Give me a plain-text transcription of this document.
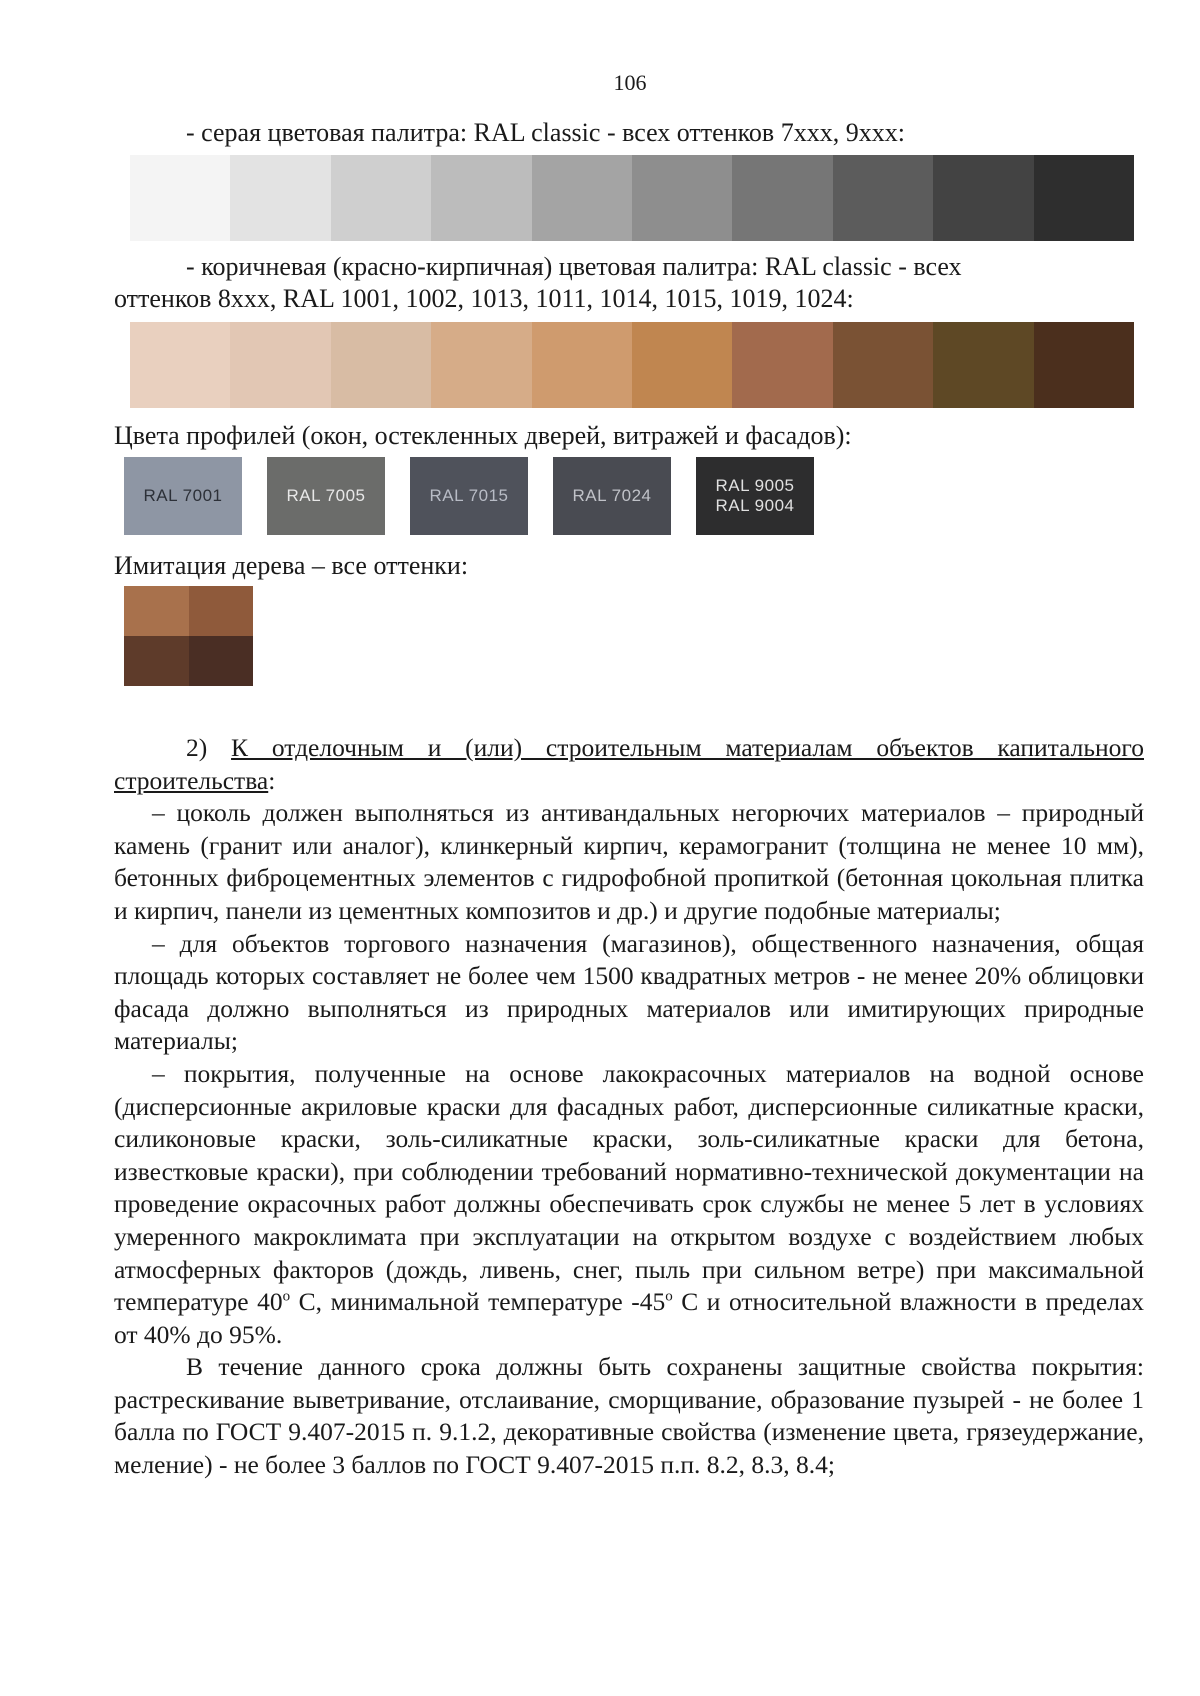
106
- серая цветовая палитра: RAL classic - всех оттенков 7ххх, 9ххх:
- коричневая (красно-кирпичная) цветовая палитра: RAL classic - всех
оттенков 8ххх, RAL 1001, 1002, 1013, 1011, 1014, 1015, 1019, 1024:
Цвета профилей (окон, остекленных дверей, витражей и фасадов):
RAL 7001	RAL 7005	RAL 7015	RAL 7024
RAL 9005
RAL 9004
Имитация дерева – все оттенки:

2) К отделочным и (или) строительным материалам объектов капитального строительства:

– цоколь должен выполняться из антивандальных негорючих материалов – природный камень (гранит или аналог), клинкерный кирпич, керамогранит (толщина не менее 10 мм), бетонных фиброцементных элементов с гидрофобной пропиткой (бетонная цокольная плитка и кирпич, панели из цементных композитов и др.) и другие подобные материалы;

– для объектов торгового назначения (магазинов), общественного назначения, общая площадь которых составляет не более чем 1500 квадратных метров - не менее 20% облицовки фасада должно выполняться из природных материалов или имитирующих природные материалы;

– покрытия, полученные на основе лакокрасочных материалов на водной основе (дисперсионные акриловые краски для фасадных работ, дисперсионные силикатные краски, силиконовые краски, золь-силикатные краски, золь-силикатные краски для бетона, известковые краски), при соблюдении требований нормативно-технической документации на проведение окрасочных работ должны обеспечивать срок службы не менее 5 лет в условиях умеренного макроклимата при эксплуатации на открытом воздухе с воздействием любых атмосферных факторов (дождь, ливень, снег, пыль при сильном ветре) при максимальной температуре $40^о$ С, минимальной температуре $-45^о$ С и относительной влажности в пределах от 40% до 95%.

В течение данного срока должны быть сохранены защитные свойства покрытия: растрескивание выветривание, отслаивание, сморщивание, образование пузырей - не более 1 балла по ГОСТ 9.407-2015 п. 9.1.2, декоративные свойства (изменение цвета, грязеудержание, меление) - не более 3 баллов по ГОСТ 9.407-2015 п.п. 8.2, 8.3, 8.4;
